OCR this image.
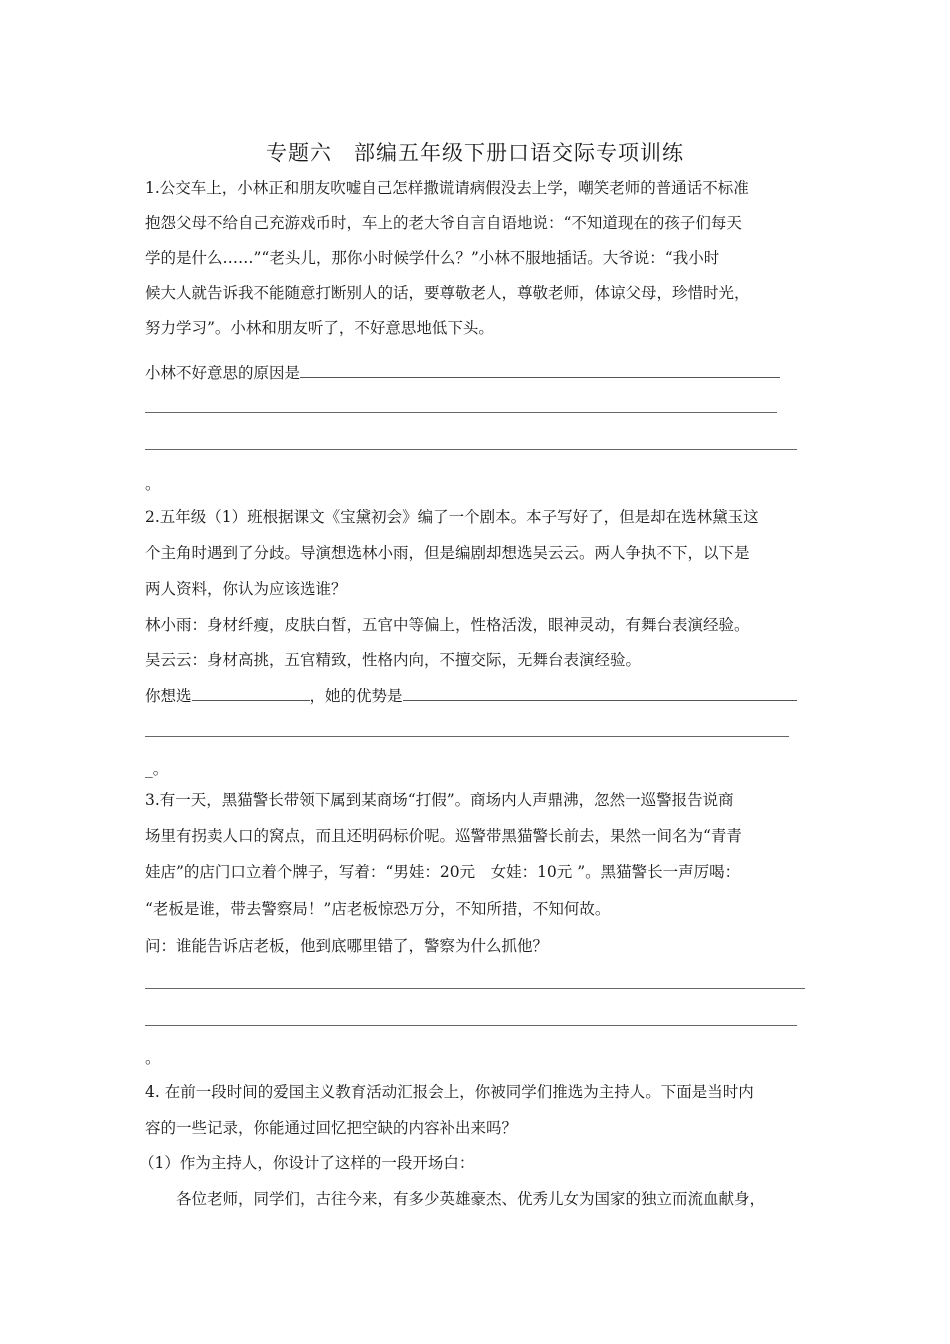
专题六　部编五年级下册口语交际专项训练
1.公交车上，小林正和朋友吹嘘自己怎样撒谎请病假没去上学，嘲笑老师的普通话不标准
抱怨父母不给自己充游戏币时，车上的老大爷自言自语地说：“不知道现在的孩子们每天
学的是什么……”“老头儿，那你小时候学什么？”小林不服地插话。大爷说：“我小时
候大人就告诉我不能随意打断别人的话，要尊敬老人，尊敬老师，体谅父母，珍惜时光，
努力学习”。小林和朋友听了，不好意思地低下头。
小林不好意思的原因是
。
2.五年级（1）班根据课文《宝黛初会》编了一个剧本。本子写好了，但是却在选林黛玉这
个主角时遇到了分歧。导演想选林小雨，但是编剧却想选吴云云。两人争执不下，以下是
两人资料，你认为应该选谁？
林小雨：身材纤瘦，皮肤白皙，五官中等偏上，性格活泼，眼神灵动，有舞台表演经验。
吴云云：身材高挑，五官精致，性格内向，不擅交际，无舞台表演经验。
你想选	，她的优势是
_。
3.有一天，黑猫警长带领下属到某商场“打假”。商场内人声鼎沸，忽然一巡警报告说商
场里有拐卖人口的窝点，而且还明码标价呢。巡警带黑猫警长前去，果然一间名为“青青
娃店”的店门口立着个牌子，写着：“男娃：20元　女娃：10元 ”。黑猫警长一声厉喝：
“老板是谁，带去警察局！”店老板惊恐万分，不知所措，不知何故。
问：谁能告诉店老板，他到底哪里错了，警察为什么抓他？
。
4. 在前一段时间的爱国主义教育活动汇报会上，你被同学们推选为主持人。下面是当时内
容的一些记录，你能通过回忆把空缺的内容补出来吗？
（1）作为主持人，你设计了这样的一段开场白：
　　各位老师，同学们，古往今来，有多少英雄豪杰、优秀儿女为国家的独立而流血献身，
